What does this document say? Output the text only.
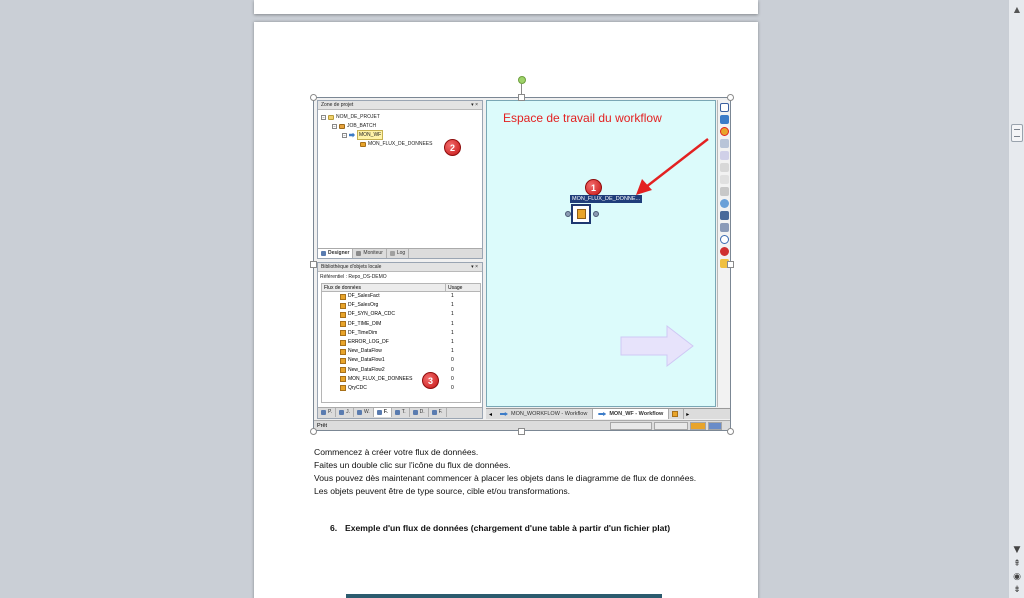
Zone de projet	▾ ×
− NOM_DE_PROJET
− JOB_BATCH
−	MON_WF
MON_FLUX_DE_DONNEES	2
Designer	Moniteur	Log
Bibliothèque d'objets locale	▾ ×
Référentiel : Repo_DS-DEMO
Flux de données	Usage
DF_SalesFact	1
DF_SalesOrg	1
DF_SYN_ORA_CDC	1
DF_TIME_DIM	1
DF_TimeDim	1
ERROR_LOG_DF	1
New_DataFlow	1
New_DataFlow1	0
New_DataFlow2	0
MON_FLUX_DE_DONNEES	0
QryCDC	0
3
P.	J.	W.	F.	T.	D.	F.
Espace de travail du workflow
1
MON_FLUX_DE_DONNE...
◂	MON_WORKFLOW - Workflow	MON_WF - Workflow	▸
Prêt
Commencez à créer votre flux de données.
Faites un double clic sur l'icône du flux de données.
Vous pouvez dès maintenant commencer à placer les objets dans le diagramme de flux de données.
Les objets peuvent être de type source, cible et/ou transformations.
6. Exemple d'un flux de données (chargement d'une table à partir d'un fichier plat)
▲
▼
⇞
◉
⇟
